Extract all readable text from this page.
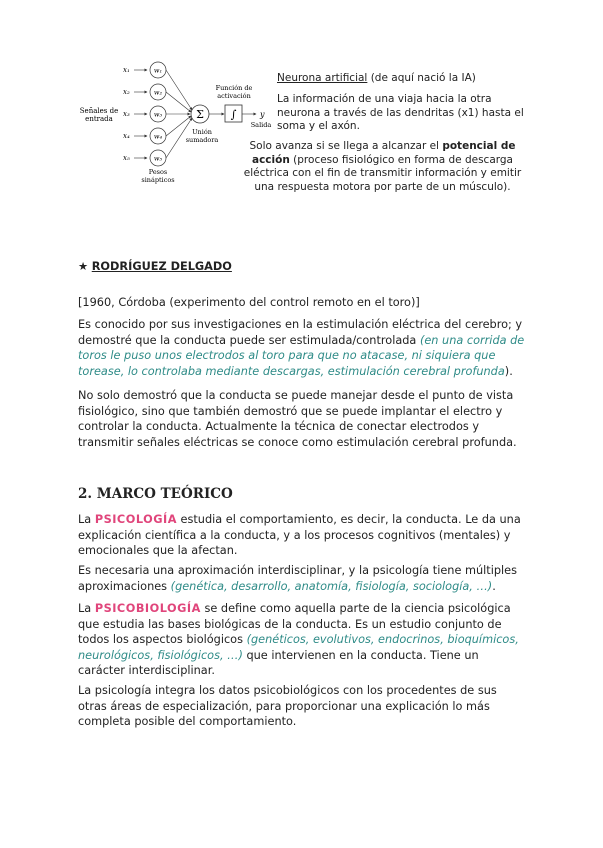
x₁
x₂
x₃
x₄
x₅
w₁
w₂
w₃
w₄
w₅
Σ ∫	y
Señales de
entrada
Función de
activación
Unión
sumadora
Salida
Pesos
sinápticos
Neurona artificial (de aquí nació la IA)
La información de una viaja hacia la otra neurona a través de las dendritas (x1) hasta el soma y el axón.
Solo avanza si se llega a alcanzar el potencial de acción (proceso fisiológico en forma de descarga eléctrica con el fin de transmitir información y emitir una respuesta motora por parte de un músculo).
★ RODRÍGUEZ DELGADO
[1960, Córdoba (experimento del control remoto en el toro)]
Es conocido por sus investigaciones en la estimulación eléctrica del cerebro; y demostré que la conducta puede ser estimulada/controlada (en una corrida de toros le puso unos electrodos al toro para que no atacase, ni siquiera que torease, lo controlaba mediante descargas, estimulación cerebral profunda).
No solo demostró que la conducta se puede manejar desde el punto de vista fisiológico, sino que también demostró que se puede implantar el electro y controlar la conducta. Actualmente la técnica de conectar electrodos y transmitir señales eléctricas se conoce como estimulación cerebral profunda.
2. MARCO TEÓRICO
La PSICOLOGÍA estudia el comportamiento, es decir, la conducta. Le da una explicación científica a la conducta, y a los procesos cognitivos (mentales) y emocionales que la afectan.
Es necesaria una aproximación interdisciplinar, y la psicología tiene múltiples aproximaciones (genética, desarrollo, anatomía, fisiología, sociología, …).
La PSICOBIOLOGÍA se define como aquella parte de la ciencia psicológica que estudia las bases biológicas de la conducta. Es un estudio conjunto de todos los aspectos biológicos (genéticos, evolutivos, endocrinos, bioquímicos, neurológicos, fisiológicos, …) que intervienen en la conducta. Tiene un carácter interdisciplinar.
La psicología integra los datos psicobiológicos con los procedentes de sus otras áreas de especialización, para proporcionar una explicación lo más completa posible del comportamiento.
